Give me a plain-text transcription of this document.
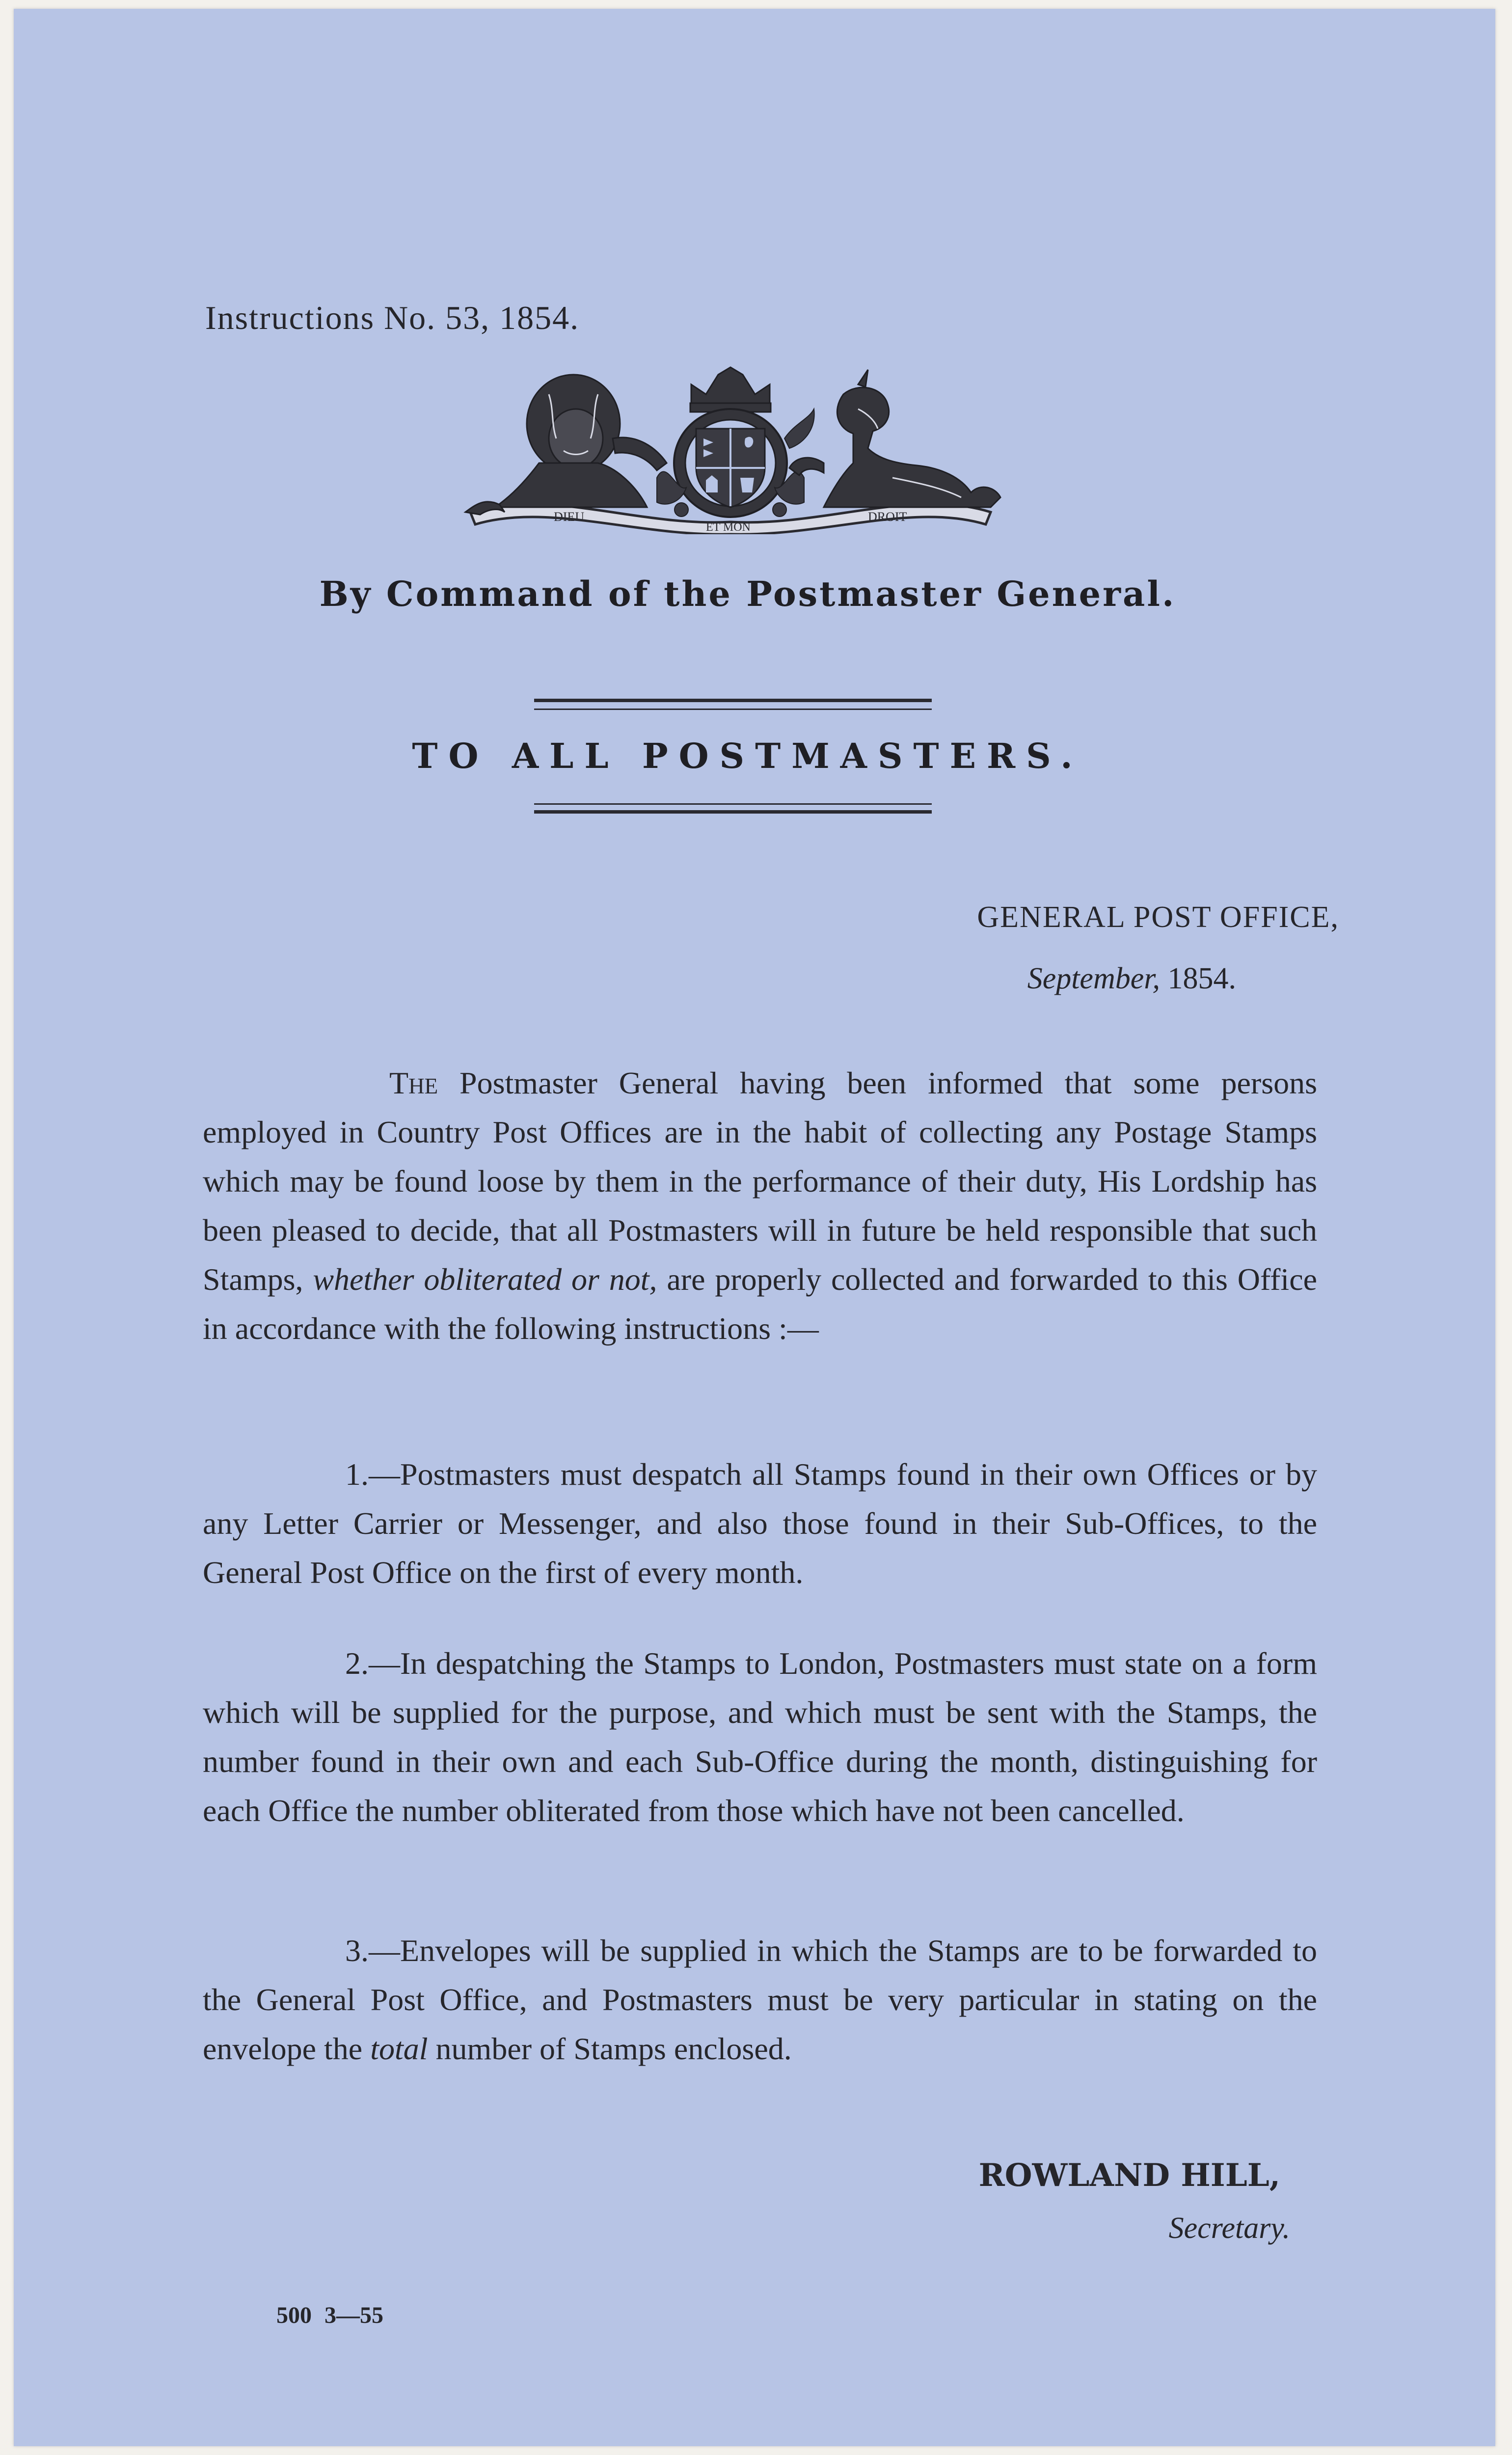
Instructions No. 53, 1854.
DIEU
ET MON
DROIT
By Command of the Postmaster General.
TO ALL POSTMASTERS.
GENERAL POST OFFICE,
September, 1854.

The Postmaster General having been informed that some persons employed in Country Post Offices are in the habit of collecting any Postage Stamps which may be found loose by them in the performance of their duty, His Lordship has been pleased to decide, that all Postmasters will in future be held responsible that such Stamps, whether obliterated or not, are properly collected and forwarded to this Office in accordance with the following instructions :—

1.—Postmasters must despatch all Stamps found in their own Offices or by any Letter Carrier or Messenger, and also those found in their Sub-Offices, to the General Post Office on the first of every month.

2.—In despatching the Stamps to London, Postmasters must state on a form which will be supplied for the purpose, and which must be sent with the Stamps, the number found in their own and each Sub-Office during the month, distinguishing for each Office the number obliterated from those which have not been cancelled.

3.—Envelopes will be supplied in which the Stamps are to be forwarded to the General Post Office, and Postmasters must be very particular in stating on the envelope the total number of Stamps enclosed.

ROWLAND HILL,
Secretary.
500 3—55
